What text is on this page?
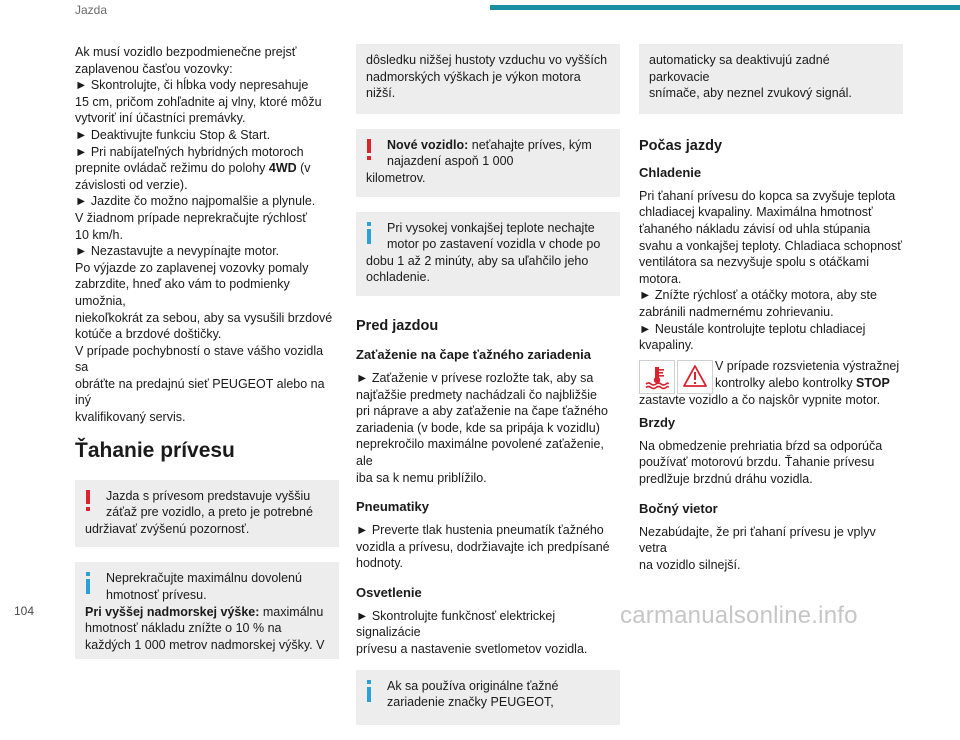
Jazda
Ak musí vozidlo bezpodmienečne prejsť
zaplavenou časťou vozovky:
► Skontrolujte, či hĺbka vody nepresahuje
15 cm, pričom zohľadnite aj vlny, ktoré môžu
vytvoriť iní účastníci premávky.
► Deaktivujte funkciu Stop & Start.
► Pri nabíjateľných hybridných motoroch
prepnite ovládač režimu do polohy 4WD (v
závislosti od verzie).
► Jazdite čo možno najpomalšie a plynule.
V žiadnom prípade neprekračujte rýchlosť
10 km/h.
► Nezastavujte a nevypínajte motor.
Po výjazde zo zaplavenej vozovky pomaly
zabrzdite, hneď ako vám to podmienky umožnia,
niekoľkokrát za sebou, aby sa vysušili brzdové
kotúče a brzdové doštičky.
V prípade pochybností o stave vášho vozidla sa
obráťte na predajnú sieť PEUGEOT alebo na iný
kvalifikovaný servis.
Ťahanie prívesu
Jazda s prívesom predstavuje vyššiu
záťaž pre vozidlo, a preto je potrebné
udržiavať zvýšenú pozornosť.
Neprekračujte maximálnu dovolenú
hmotnosť prívesu.
Pri vyššej nadmorskej výške: maximálnu
hmotnosť nákladu znížte o 10 % na
každých 1 000 metrov nadmorskej výšky. V
dôsledku nižšej hustoty vzduchu vo vyšších
nadmorských výškach je výkon motora nižší.
Nové vozidlo: neťahajte príves, kým
najazdení aspoň 1 000
kilometrov.
Pri vysokej vonkajšej teplote nechajte
motor po zastavení vozidla v chode po
dobu 1 až 2 minúty, aby sa uľahčilo jeho
ochladenie.
Pred jazdou
Zaťaženie na čape ťažného zariadenia
► Zaťaženie v prívese rozložte tak, aby sa
najťažšie predmety nachádzali čo najbližšie
pri náprave a aby zaťaženie na čape ťažného
zariadenia (v bode, kde sa pripája k vozidlu)
neprekročilo maximálne povolené zaťaženie, ale
iba sa k nemu priblížilo.
Pneumatiky
► Preverte tlak hustenia pneumatík ťažného
vozidla a prívesu, dodržiavajte ich predpísané
hodnoty.
Osvetlenie
► Skontrolujte funkčnosť elektrickej signalizácie
prívesu a nastavenie svetlometov vozidla.
Ak sa používa originálne ťažné
zariadenie značky PEUGEOT,
automaticky sa deaktivujú zadné parkovacie
snímače, aby neznel zvukový signál.
Počas jazdy
Chladenie
Pri ťahaní prívesu do kopca sa zvyšuje teplota
chladiacej kvapaliny. Maximálna hmotnosť
ťahaného nákladu závisí od uhla stúpania
svahu a vonkajšej teploty. Chladiaca schopnosť
ventilátora sa nezvyšuje spolu s otáčkami
motora.
► Znížte rýchlosť a otáčky motora, aby ste
zabránili nadmernému zohrievaniu.
► Neustále kontrolujte teplotu chladiacej
kvapaliny.
V prípade rozsvietenia výstražnej
kontrolky alebo kontrolky STOP
zastavte vozidlo a čo najskôr vypnite motor.
Brzdy
Na obmedzenie prehriatia bŕzd sa odporúča
používať motorovú brzdu. Ťahanie prívesu
predlžuje brzdnú dráhu vozidla.
Bočný vietor
Nezabúdajte, že pri ťahaní prívesu je vplyv vetra
na vozidlo silnejší.
104	carmanualsonline.info
